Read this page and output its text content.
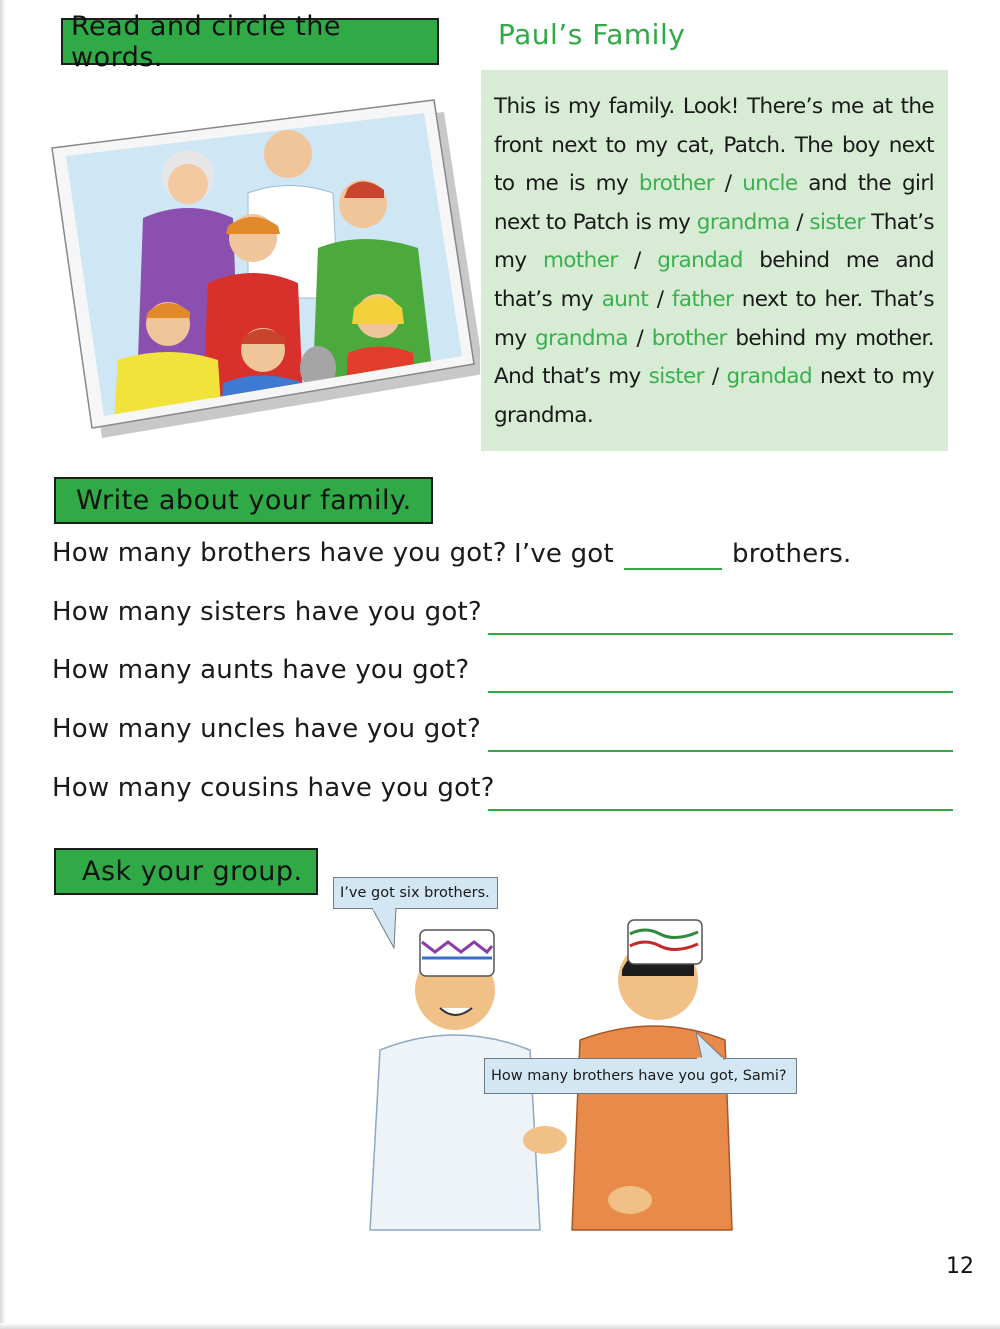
Read and circle the words.
Paul’s Family
This is my family. Look! There’s me at the front next to my cat, Patch. The boy next to me is my brother / uncle and the girl next to Patch is my grandma / sister That’s my mother / grandad behind me and that’s my aunt / father next to her. That’s my grandma / brother behind my mother. And that’s my sister / grandad next to my grandma.
Write about your family.
How many brothers have you got? I’ve got	brothers.
How many sisters have you got?
How many aunts have you got?
How many uncles have you got?
How many cousins have you got?
Ask your group.
I’ve got six brothers.
How many brothers have you got, Sami?
12
